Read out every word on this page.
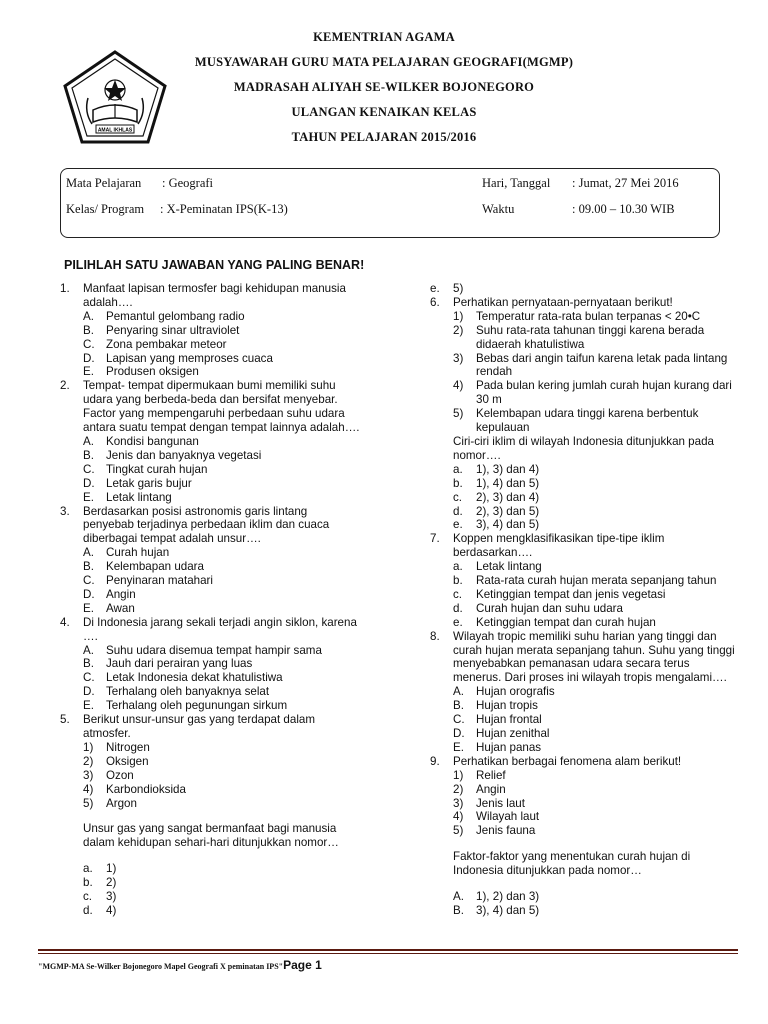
KEMENTRIAN AGAMA
MUSYAWARAH GURU MATA PELAJARAN GEOGRAFI(MGMP)
MADRASAH ALIYAH SE-WILKER BOJONEGORO
ULANGAN KENAIKAN KELAS
TAHUN PELAJARAN 2015/2016
AMAL IKHLAS
Mata Pelajaran : Geografi
Kelas/ Program : X-Peminatan IPS(K-13)
Hari, Tanggal : Jumat, 27 Mei 2016
Waktu	: 09.00 – 10.30 WIB
PILIHLAH SATU JAWABAN YANG PALING BENAR!
1. Manfaat lapisan termosfer bagi kehidupan manusia adalah….
A. Pemantul gelombang radio
B. Penyaring sinar ultraviolet
C. Zona pembakar meteor
D. Lapisan yang memproses cuaca
E. Produsen oksigen
2. Tempat- tempat dipermukaan bumi memiliki suhu udara yang berbeda-beda dan bersifat menyebar. Factor yang mempengaruhi perbedaan suhu udara antara suatu tempat dengan tempat lainnya adalah….
A. Kondisi bangunan
B. Jenis dan banyaknya vegetasi
C. Tingkat curah hujan
D. Letak garis bujur
E. Letak lintang
3. Berdasarkan posisi astronomis garis lintang penyebab terjadinya perbedaan iklim dan cuaca diberbagai tempat adalah unsur….
A. Curah hujan
B. Kelembapan udara
C. Penyinaran matahari
D. Angin
E. Awan
4. Di Indonesia jarang sekali terjadi angin siklon, karena ….
A. Suhu udara disemua tempat hampir sama
B. Jauh dari perairan yang luas
C. Letak Indonesia dekat khatulistiwa
D. Terhalang oleh banyaknya selat
E. Terhalang oleh pegunungan sirkum
5. Berikut unsur-unsur gas yang terdapat dalam atmosfer.
1) Nitrogen
2) Oksigen
3) Ozon
4) Karbondioksida
5) Argon
Unsur gas yang sangat bermanfaat bagi manusia dalam kehidupan sehari-hari ditunjukkan nomor…
a. 1)
b. 2)
c. 3)
d. 4)
e. 5)
6. Perhatikan pernyataan-pernyataan berikut!
1) Temperatur rata-rata bulan terpanas < 20•C
2) Suhu rata-rata tahunan tinggi karena berada didaerah khatulistiwa
3) Bebas dari angin taifun karena letak pada lintang rendah
4) Pada bulan kering jumlah curah hujan kurang dari 30 m
5) Kelembapan udara tinggi karena berbentuk kepulauan
Ciri-ciri iklim di wilayah Indonesia ditunjukkan pada nomor….
a. 1), 3) dan 4)
b. 1), 4) dan 5)
c. 2), 3) dan 4)
d. 2), 3) dan 5)
e. 3), 4) dan 5)
7. Koppen mengklasifikasikan tipe-tipe iklim berdasarkan….
a. Letak lintang
b. Rata-rata curah hujan merata sepanjang tahun
c. Ketinggian tempat dan jenis vegetasi
d. Curah hujan dan suhu udara
e. Ketinggian tempat dan curah hujan
8. Wilayah tropic memiliki suhu harian yang tinggi dan curah hujan merata sepanjang tahun. Suhu yang tinggi menyebabkan pemanasan udara secara terus menerus. Dari proses ini wilayah tropis mengalami….
A. Hujan orografis
B. Hujan tropis
C. Hujan frontal
D. Hujan zenithal
E. Hujan panas
9. Perhatikan berbagai fenomena alam berikut!
1) Relief
2) Angin
3) Jenis laut
4) Wilayah laut
5) Jenis fauna
Faktor-faktor yang menentukan curah hujan di Indonesia ditunjukkan pada nomor…
A. 1), 2) dan 3)
B. 3), 4) dan 5)
"MGMP-MA Se-Wilker Bojonegoro Mapel Geografi X peminatan IPS"Page 1
